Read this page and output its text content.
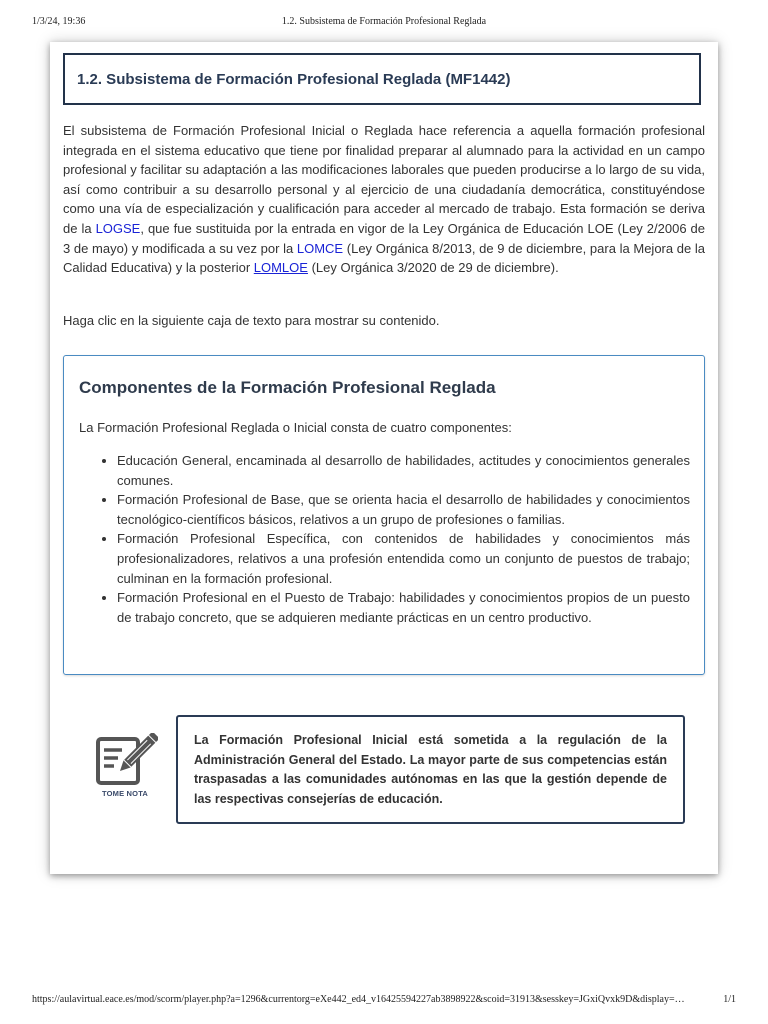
1/3/24, 19:36	1.2. Subsistema de Formación Profesional Reglada
1.2. Subsistema de Formación Profesional Reglada (MF1442)

El subsistema de Formación Profesional Inicial o Reglada hace referencia a aquella formación profesional integrada en el sistema educativo que tiene por finalidad preparar al alumnado para la actividad en un campo profesional y facilitar su adaptación a las modificaciones laborales que pueden producirse a lo largo de su vida, así como contribuir a su desarrollo personal y al ejercicio de una ciudadanía democrática, constituyéndose como una vía de especialización y cualificación para acceder al mercado de trabajo. Esta formación se deriva de la LOGSE, que fue sustituida por la entrada en vigor de la Ley Orgánica de Educación LOE (Ley 2/2006 de 3 de mayo) y modificada a su vez por la LOMCE (Ley Orgánica 8/2013, de 9 de diciembre, para la Mejora de la Calidad Educativa) y la posterior LOMLOE (Ley Orgánica 3/2020 de 29 de diciembre).

Haga clic en la siguiente caja de texto para mostrar su contenido.
Componentes de la Formación Profesional Reglada

La Formación Profesional Reglada o Inicial consta de cuatro componentes:

• Educación General, encaminada al desarrollo de habilidades, actitudes y conocimientos generales comunes.
• Formación Profesional de Base, que se orienta hacia el desarrollo de habilidades y conocimientos tecnológico-científicos básicos, relativos a un grupo de profesiones o familias.
• Formación Profesional Específica, con contenidos de habilidades y conocimientos más profesionalizadores, relativos a una profesión entendida como un conjunto de puestos de trabajo; culminan en la formación profesional.
• Formación Profesional en el Puesto de Trabajo: habilidades y conocimientos propios de un puesto de trabajo concreto, que se adquieren mediante prácticas en un centro productivo.
TOME NOTA

La Formación Profesional Inicial está sometida a la regulación de la Administración General del Estado. La mayor parte de sus competencias están traspasadas a las comunidades autónomas en las que la gestión depende de las respectivas consejerías de educación.

https://aulavirtual.eace.es/mod/scorm/player.php?a=1296&currentorg=eXe442_ed4_v16425594227ab3898922&scoid=31913&sesskey=JGxiQvxk9D&display=…	1/1
